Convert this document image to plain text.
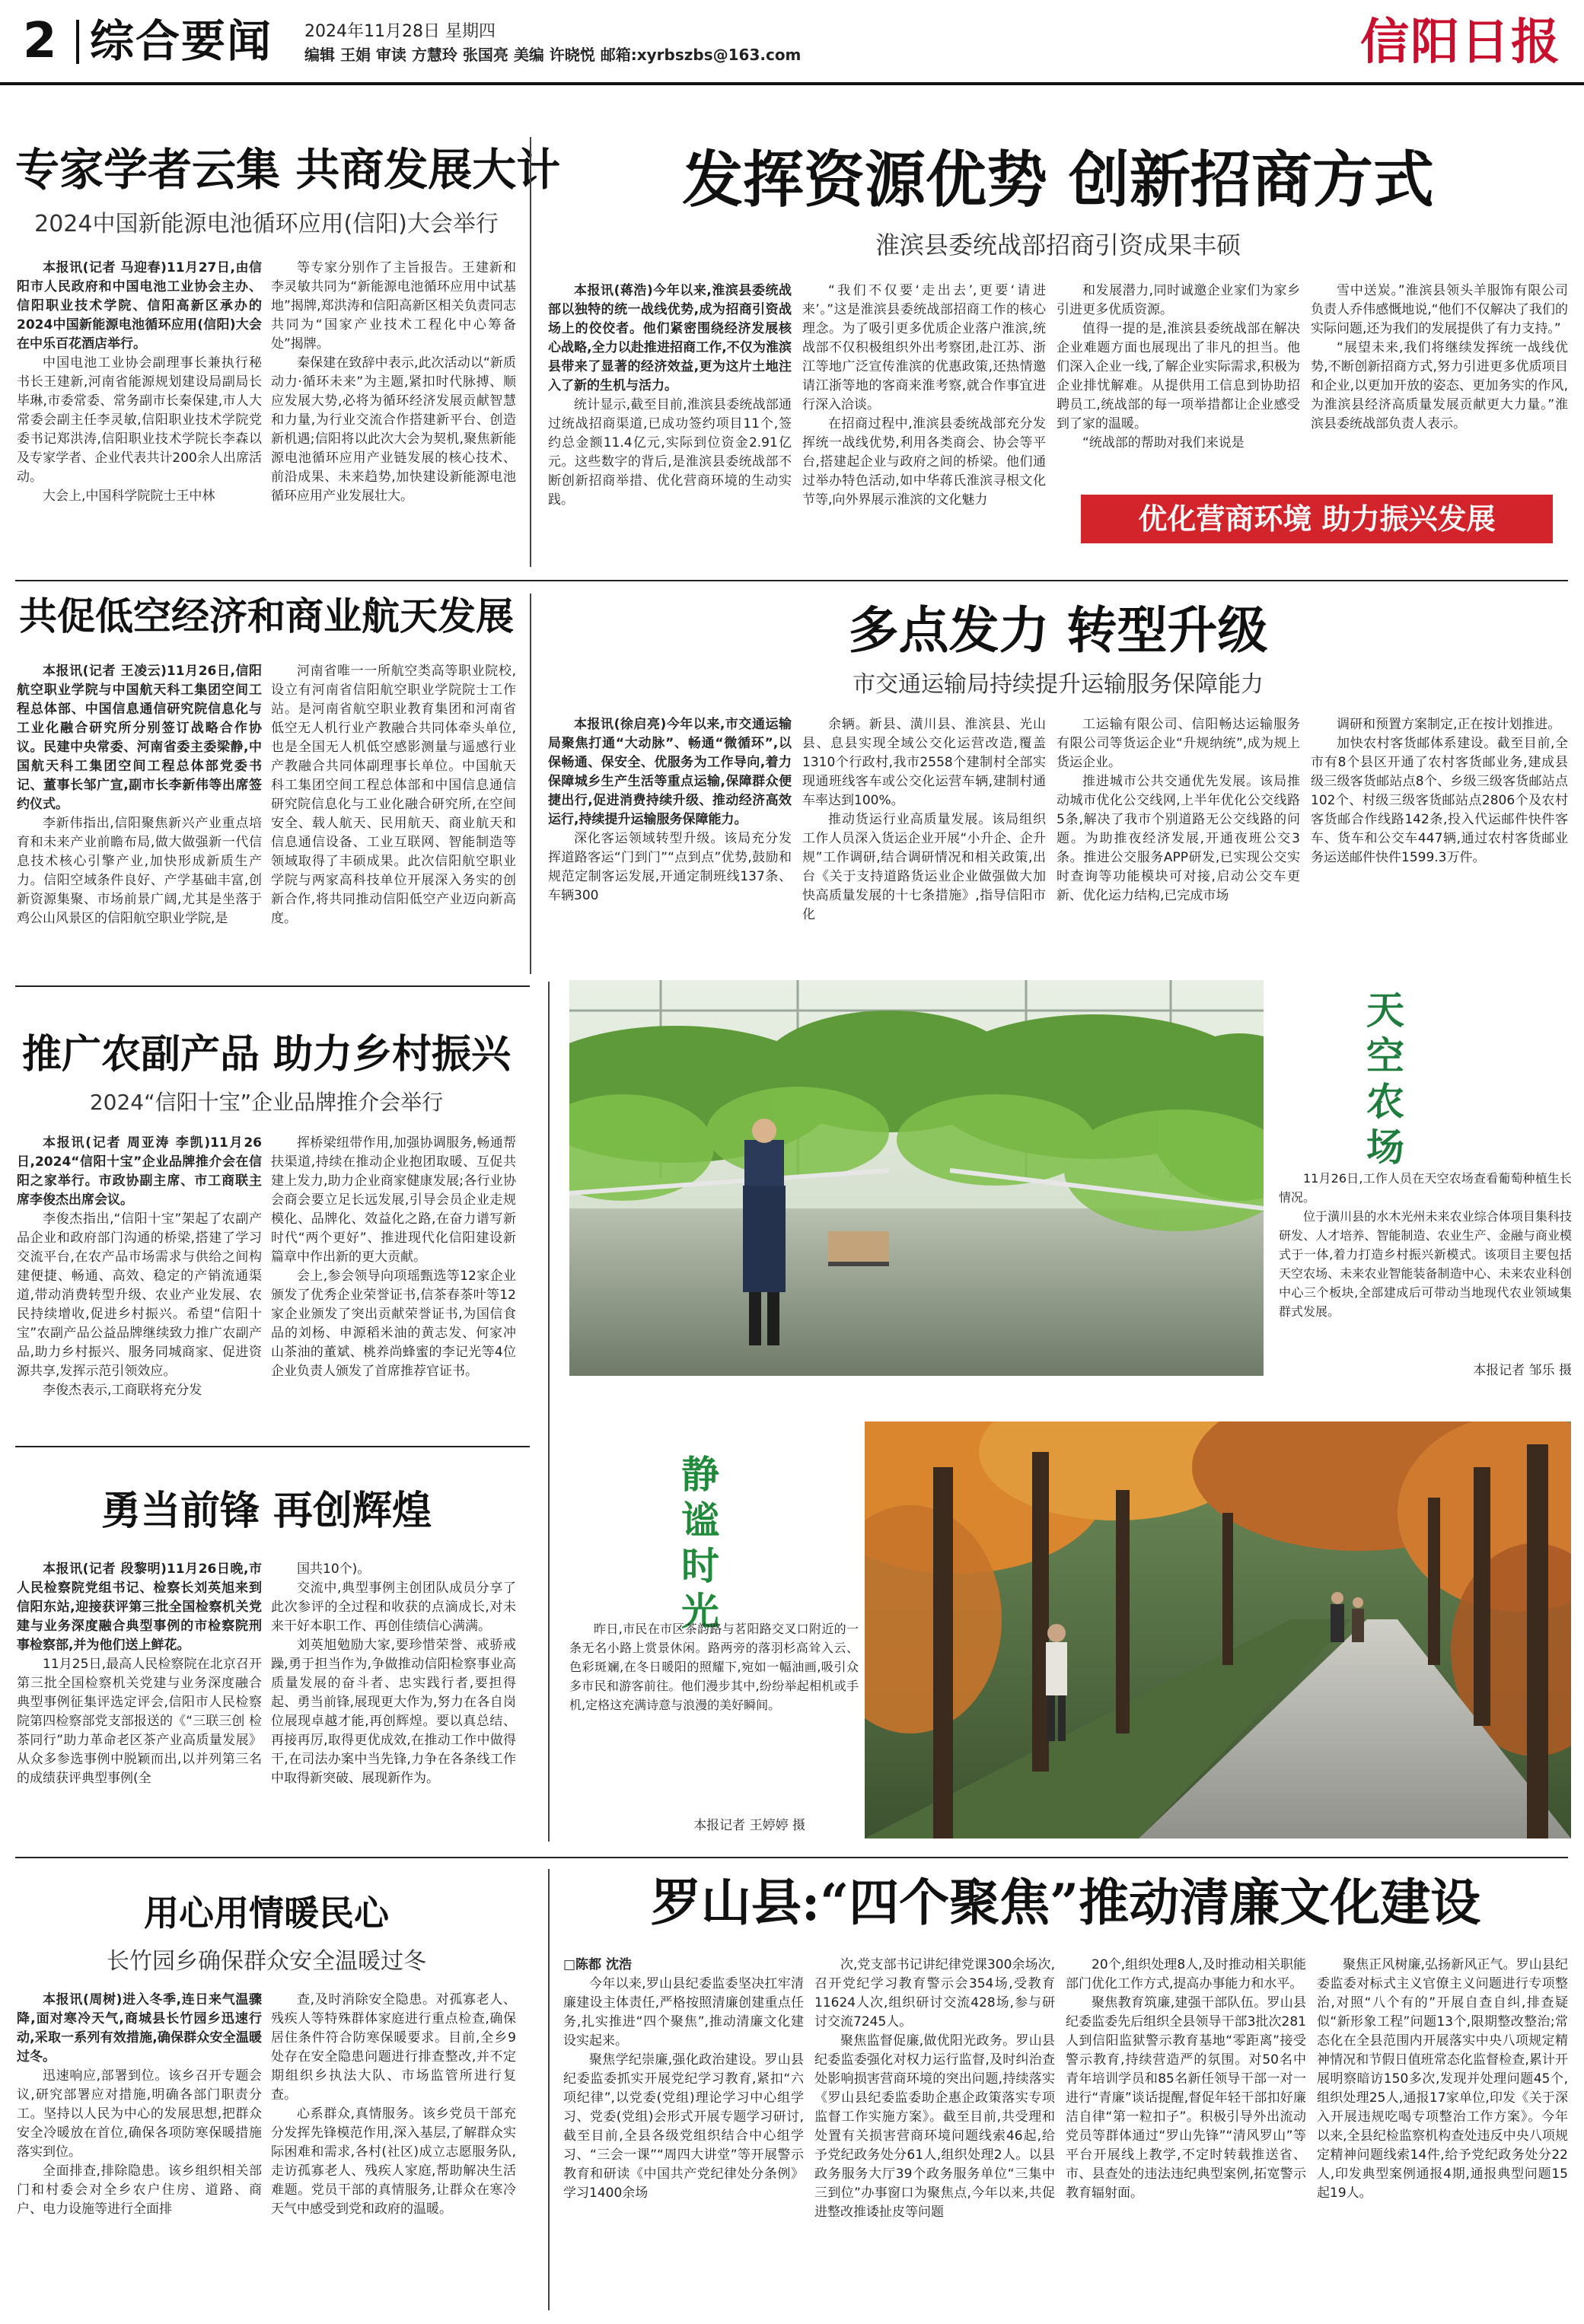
2 综合要闻 2024年11月28日 星期四
编辑 王娟 审读 方慧玲 张国亮 美编 许晓悦 邮箱:xyrbszbs@163.com	信阳日报
专家学者云集 共商发展大计
2024中国新能源电池循环应用(信阳)大会举行

本报讯(记者 马迎春)11月27日,由信阳市人民政府和中国电池工业协会主办、信阳职业技术学院、信阳高新区承办的2024中国新能源电池循环应用(信阳)大会在中乐百花酒店举行。

中国电池工业协会副理事长兼执行秘书长王建新,河南省能源规划建设局副局长毕琳,市委常委、常务副市长秦保建,市人大常委会副主任李灵敏,信阳职业技术学院党委书记郑洪涛,信阳职业技术学院长李森以及专家学者、企业代表共计200余人出席活动。

大会上,中国科学院院士王中林

等专家分别作了主旨报告。王建新和李灵敏共同为“新能源电池循环应用中试基地”揭牌,郑洪涛和信阳高新区相关负责同志共同为“国家产业技术工程化中心筹备处”揭牌。

秦保建在致辞中表示,此次活动以“新质动力·循环未来”为主题,紧扣时代脉搏、顺应发展大势,必将为循环经济发展贡献智慧和力量,为行业交流合作搭建新平台、创造新机遇;信阳将以此次大会为契机,聚焦新能源电池循环应用产业链发展的核心技术、前沿成果、未来趋势,加快建设新能源电池循环应用产业发展壮大。

发挥资源优势 创新招商方式
淮滨县委统战部招商引资成果丰硕

本报讯(蒋浩)今年以来,淮滨县委统战部以独特的统一战线优势,成为招商引资战场上的佼佼者。他们紧密围绕经济发展核心战略,全力以赴推进招商工作,不仅为淮滨县带来了显著的经济效益,更为这片土地注入了新的生机与活力。

统计显示,截至目前,淮滨县委统战部通过统战招商渠道,已成功签约项目11个,签约总金额11.4亿元,实际到位资金2.91亿元。这些数字的背后,是淮滨县委统战部不断创新招商举措、优化营商环境的生动实践。

“我们不仅要‘走出去’,更要‘请进来’。”这是淮滨县委统战部招商工作的核心理念。为了吸引更多优质企业落户淮滨,统战部不仅积极组织外出考察团,赴江苏、浙江等地广泛宣传淮滨的优惠政策,还热情邀请江浙等地的客商来淮考察,就合作事宜进行深入洽谈。

在招商过程中,淮滨县委统战部充分发挥统一战线优势,利用各类商会、协会等平台,搭建起企业与政府之间的桥梁。他们通过举办特色活动,如中华蒋氏淮滨寻根文化节等,向外界展示淮滨的文化魅力

和发展潜力,同时诚邀企业家们为家乡引进更多优质资源。

值得一提的是,淮滨县委统战部在解决企业难题方面也展现出了非凡的担当。他们深入企业一线,了解企业实际需求,积极为企业排忧解难。从提供用工信息到协助招聘员工,统战部的每一项举措都让企业感受到了家的温暖。

“统战部的帮助对我们来说是

雪中送炭。”淮滨县领头羊服饰有限公司负责人乔伟感慨地说,“他们不仅解决了我们的实际问题,还为我们的发展提供了有力支持。”

“展望未来,我们将继续发挥统一战线优势,不断创新招商方式,努力引进更多优质项目和企业,以更加开放的姿态、更加务实的作风,为淮滨县经济高质量发展贡献更大力量。”淮滨县委统战部负责人表示。

优化营商环境 助力振兴发展
共促低空经济和商业航天发展

本报讯(记者 王凌云)11月26日,信阳航空职业学院与中国航天科工集团空间工程总体部、中国信息通信研究院信息化与工业化融合研究所分别签订战略合作协议。民建中央常委、河南省委主委梁静,中国航天科工集团空间工程总体部党委书记、董事长邹广宣,副市长李新伟等出席签约仪式。

李新伟指出,信阳聚焦新兴产业重点培育和未来产业前瞻布局,做大做强新一代信息技术核心引擎产业,加快形成新质生产力。信阳空域条件良好、产学基础丰富,创新资源集聚、市场前景广阔,尤其是坐落于鸡公山风景区的信阳航空职业学院,是

河南省唯一一所航空类高等职业院校,设立有河南省信阳航空职业学院院士工作站。是河南省航空职业教育集团和河南省低空无人机行业产教融合共同体牵头单位,也是全国无人机低空感影测量与遥感行业产教融合共同体副理事长单位。中国航天科工集团空间工程总体部和中国信息通信研究院信息化与工业化融合研究所,在空间安全、载人航天、民用航天、商业航天和信息通信设备、工业互联网、智能制造等领域取得了丰硕成果。此次信阳航空职业学院与两家高科技单位开展深入务实的创新合作,将共同推动信阳低空产业迈向新高度。

多点发力 转型升级
市交通运输局持续提升运输服务保障能力

本报讯(徐启亮)今年以来,市交通运输局聚焦打通“大动脉”、畅通“微循环”,以保畅通、保安全、优服务为工作导向,着力保障城乡生产生活等重点运输,保障群众便捷出行,促进消费持续升级、推动经济高效运行,持续提升运输服务保障能力。

深化客运领域转型升级。该局充分发挥道路客运“门到门”“点到点”优势,鼓励和规范定制客运发展,开通定制班线137条、车辆300

余辆。新县、潢川县、淮滨县、光山县、息县实现全域公交化运营改造,覆盖1310个行政村,我市2558个建制村全部实现通班线客车或公交化运营车辆,建制村通车率达到100%。

推动货运行业高质量发展。该局组织工作人员深入货运企业开展“小升企、企升规”工作调研,结合调研情况和相关政策,出台《关于支持道路货运业企业做强做大加快高质量发展的十七条措施》,指导信阳市化

工运输有限公司、信阳畅达运输服务有限公司等货运企业“升规纳统”,成为规上货运企业。

推进城市公共交通优先发展。该局推动城市优化公交线网,上半年优化公交线路5条,解决了我市个别道路无公交线路的问题。为助推夜经济发展,开通夜班公交3条。推进公交服务APP研发,已实现公交实时查询等功能模块可对接,启动公交车更新、优化运力结构,已完成市场

调研和预置方案制定,正在按计划推进。

加快农村客货邮体系建设。截至目前,全市有8个县区开通了农村客货邮业务,建成县级三级客货邮站点8个、乡级三级客货邮站点102个、村级三级客货邮站点2806个及农村客货邮合作线路142条,投入代运邮件快件客车、货车和公交车447辆,通过农村客货邮业务运送邮件快件1599.3万件。

推广农副产品 助力乡村振兴
2024“信阳十宝”企业品牌推介会举行

本报讯(记者 周亚涛 李凯)11月26日,2024“信阳十宝”企业品牌推介会在信阳之家举行。市政协副主席、市工商联主席李俊杰出席会议。

李俊杰指出,“信阳十宝”架起了农副产品企业和政府部门沟通的桥梁,搭建了学习交流平台,在农产品市场需求与供给之间构建便捷、畅通、高效、稳定的产销流通渠道,带动消费转型升级、农业产业发展、农民持续增收,促进乡村振兴。希望“信阳十宝”农副产品公益品牌继续致力推广农副产品,助力乡村振兴、服务同城商家、促进资源共享,发挥示范引领效应。

李俊杰表示,工商联将充分发

挥桥梁纽带作用,加强协调服务,畅通帮扶渠道,持续在推动企业抱团取暖、互促共建上发力,助力企业商家健康发展;各行业协会商会要立足长远发展,引导会员企业走规模化、品牌化、效益化之路,在奋力谱写新时代“两个更好”、推进现代化信阳建设新篇章中作出新的更大贡献。

会上,参会领导向项瑶甄选等12家企业颁发了优秀企业荣誉证书,信茶春茶叶等12家企业颁发了突出贡献荣誉证书,为国信食品的刘杨、申源稻米油的黄志发、何家冲山茶油的董斌、桃养尚蜂蜜的李记光等4位企业负责人颁发了首席推荐官证书。

天空农场

11月26日,工作人员在天空农场查看葡萄种植生长情况。

位于潢川县的水木光州未来农业综合体项目集科技研发、人才培养、智能制造、农业生产、金融与商业模式于一体,着力打造乡村振兴新模式。该项目主要包括天空农场、未来农业智能装备制造中心、未来农业科创中心三个板块,全部建成后可带动当地现代农业领域集群式发展。

本报记者 邹乐 摄
勇当前锋 再创辉煌

本报讯(记者 段黎明)11月26日晚,市人民检察院党组书记、检察长刘英旭来到信阳东站,迎接获评第三批全国检察机关党建与业务深度融合典型事例的市检察院刑事检察部,并为他们送上鲜花。

11月25日,最高人民检察院在北京召开第三批全国检察机关党建与业务深度融合典型事例征集评选定评会,信阳市人民检察院第四检察部党支部报送的《“三联三创 检茶同行”助力革命老区茶产业高质量发展》从众多参选事例中脱颖而出,以并列第三名的成绩获评典型事例(全

国共10个)。

交流中,典型事例主创团队成员分享了此次参评的全过程和收获的点滴成长,对未来干好本职工作、再创佳绩信心满满。

刘英旭勉励大家,要珍惜荣誉、戒骄戒躁,勇于担当作为,争做推动信阳检察事业高质量发展的奋斗者、忠实践行者,要担得起、勇当前锋,展现更大作为,努力在各自岗位展现卓越才能,再创辉煌。要以真总结、再接再厉,取得更优成效,在推动工作中做得干,在司法办案中当先锋,力争在各条线工作中取得新突破、展现新作为。

静谧时光

昨日,市民在市区茶韵路与茗阳路交叉口附近的一条无名小路上赏景休闲。路两旁的落羽杉高耸入云、色彩斑斓,在冬日暖阳的照耀下,宛如一幅油画,吸引众多市民和游客前往。他们漫步其中,纷纷举起相机或手机,定格这充满诗意与浪漫的美好瞬间。

本报记者 王婷婷 摄
用心用情暖民心
长竹园乡确保群众安全温暖过冬

本报讯(周树)进入冬季,连日来气温骤降,面对寒冷天气,商城县长竹园乡迅速行动,采取一系列有效措施,确保群众安全温暖过冬。

迅速响应,部署到位。该乡召开专题会议,研究部署应对措施,明确各部门职责分工。坚持以人民为中心的发展思想,把群众安全冷暖放在首位,确保各项防寒保暖措施落实到位。

全面排查,排除隐患。该乡组织相关部门和村委会对全乡农户住房、道路、商户、电力设施等进行全面排

查,及时消除安全隐患。对孤寡老人、残疾人等特殊群体家庭进行重点检查,确保居住条件符合防寒保暖要求。目前,全乡9处存在安全隐患问题进行排查整改,并不定期组织乡执法大队、市场监管所进行复查。

心系群众,真情服务。该乡党员干部充分发挥先锋模范作用,深入基层,了解群众实际困难和需求,各村(社区)成立志愿服务队,走访孤寡老人、残疾人家庭,帮助解决生活难题。党员干部的真情服务,让群众在寒冷天气中感受到党和政府的温暖。

罗山县:“四个聚焦”推动清廉文化建设

□陈都 沈浩

今年以来,罗山县纪委监委坚决扛牢清廉建设主体责任,严格按照清廉创建重点任务,扎实推进“四个聚焦”,推动清廉文化建设实起来。

聚焦学纪崇廉,强化政治建设。罗山县纪委监委抓实开展党纪学习教育,紧扣“六项纪律”,以党委(党组)理论学习中心组学习、党委(党组)会形式开展专题学习研讨,截至目前,全县各级党组织结合中心组学习、“三会一课”“周四大讲堂”等开展警示教育和研读《中国共产党纪律处分条例》学习1400余场

次,党支部书记讲纪律党课300余场次,召开党纪学习教育警示会354场,受教育11624人次,组织研讨交流428场,参与研讨交流7245人。

聚焦监督促廉,做优阳光政务。罗山县纪委监委强化对权力运行监督,及时纠治查处影响损害营商环境的突出问题,持续落实《罗山县纪委监委助企惠企政策落实专项监督工作实施方案》。截至目前,共受理和处置有关损害营商环境问题线索46起,给予党纪政务处分61人,组织处理2人。以县政务服务大厅39个政务服务单位“三集中三到位”办事窗口为聚焦点,今年以来,共促进整改推诿扯皮等问题

20个,组织处理8人,及时推动相关职能部门优化工作方式,提高办事能力和水平。

聚焦教育筑廉,建强干部队伍。罗山县纪委监委先后组织全县领导干部3批次281人到信阳监狱警示教育基地“零距离”接受警示教育,持续营造严的氛围。对50名中青年培训学员和85名新任领导干部一对一进行“青廉”谈话提醒,督促年轻干部扣好廉洁自律“第一粒扣子”。积极引导外出流动党员等群体通过“罗山先锋”“清风罗山”等平台开展线上教学,不定时转载推送省、市、县查处的违法违纪典型案例,拓宽警示教育辐射面。

聚焦正风树廉,弘扬新风正气。罗山县纪委监委对标式主义官僚主义问题进行专项整治,对照“八个有的”开展自查自纠,排查疑似“新形象工程”问题13个,限期整改整治;常态化在全县范围内开展落实中央八项规定精神情况和节假日值班常态化监督检查,累计开展明察暗访150多次,发现并处理问题45个,组织处理25人,通报17家单位,印发《关于深入开展违规吃喝专项整治工作方案》。今年以来,全县纪检监察机构查处违反中央八项规定精神问题线索14件,给予党纪政务处分22人,印发典型案例通报4期,通报典型问题15起19人。
